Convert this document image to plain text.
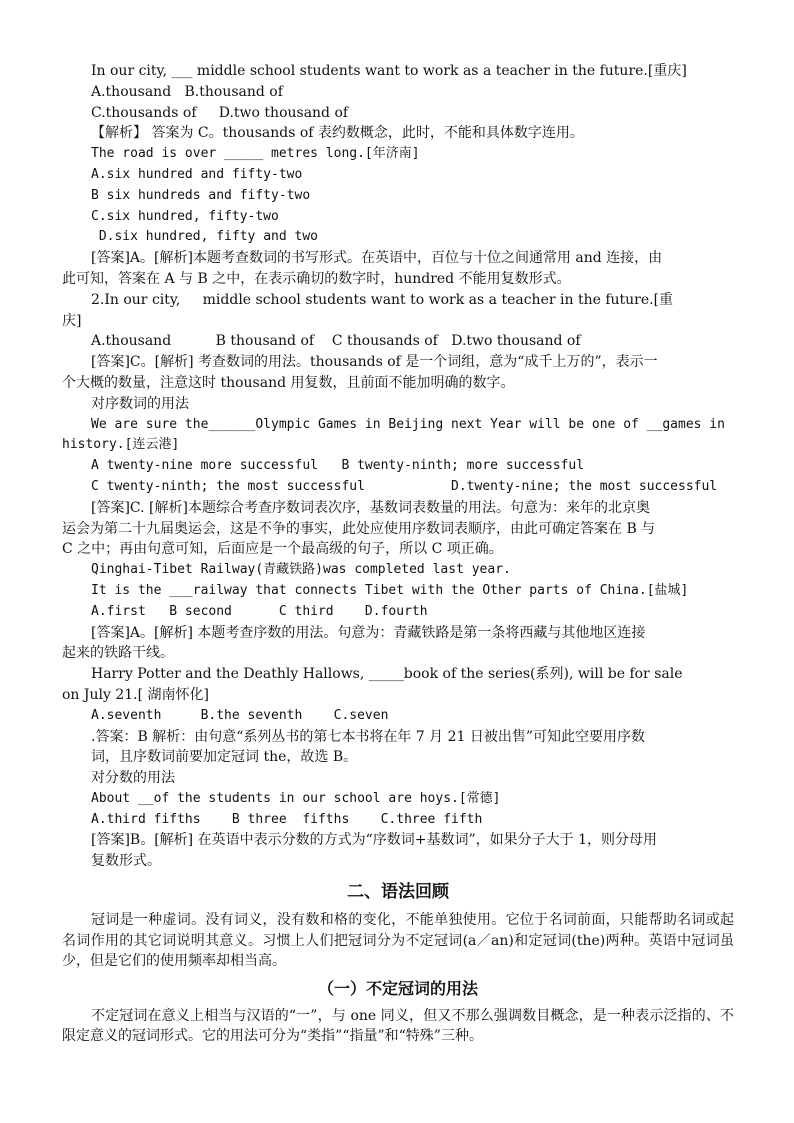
In our city, ___ middle school students want to work as a teacher in the future.[重庆]
A.thousand   B.thousand of
C.thousands of     D.two thousand of
【解析】 答案为 C。thousands of 表约数概念，此时，不能和具体数字连用。
The road is over _____ metres long.[年济南]
A.six hundred and fifty-two
B six hundreds and fifty-two
C.six hundred, fifty-two
D.six hundred, fifty and two
[答案]A。[解析]本题考查数词的书写形式。在英语中，百位与十位之间通常用 and 连接，由
此可知，答案在 A 与 B 之中，在表示确切的数字时，hundred 不能用复数形式。
2.In our city,     middle school students want to work as a teacher in the future.[重
庆]
A.thousand          B thousand of    C thousands of   D.two thousand of
[答案]C。[解析] 考查数词的用法。thousands of 是一个词组，意为“成千上万的”，表示一
个大概的数量，注意这时 thousand 用复数，且前面不能加明确的数字。
对序数词的用法
We are sure the______Olympic Games in Beijing next Year will be one of __games in
history.[连云港]
A twenty-nine more successful   B twenty-ninth; more successful
C twenty-ninth; the most successful           D.twenty-nine; the most successful
[答案]C. [解析]本题综合考查序数词表次序，基数词表数量的用法。句意为：来年的北京奥
运会为第二十九届奥运会，这是不争的事实，此处应使用序数词表顺序，由此可确定答案在 B 与
C 之中；再由句意可知，后面应是一个最高级的句子，所以 C 项正确。
Qinghai-Tibet Railway(青藏铁路)was completed last year.
It is the ___railway that connects Tibet with the Other parts of China.[盐城]
A.first   B second      C third    D.fourth
[答案]A。[解析] 本题考查序数的用法。句意为：青藏铁路是第一条将西藏与其他地区连接
起来的铁路干线。
Harry Potter and the Deathly Hallows, _____book of the series(系列), will be for sale
on July 21.[ 湖南怀化]
A.seventh     B.the seventh    C.seven
.答案：B 解析：由句意“系列丛书的第七本书将在年 7 月 21 日被出售”可知此空要用序数
词，且序数词前要加定冠词 the，故选 B。
对分数的用法
About __of the students in our school are hoys.[常德]
A.third fifths    B three  fifths    C.three fifth
[答案]B。[解析] 在英语中表示分数的方式为“序数词+基数词”，如果分子大于 1，则分母用
复数形式。
二、语法回顾
冠词是一种虚词。没有词义，没有数和格的变化，不能单独使用。它位于名词前面，只能帮助名词或起名词作用的其它词说明其意义。习惯上人们把冠词分为不定冠词(a／an)和定冠词(the)两种。英语中冠词虽少，但是它们的使用频率却相当高。
（一）不定冠词的用法
不定冠词在意义上相当与汉语的“一”，与 one 同义，但又不那么强调数目概念，是一种表示泛指的、不限定意义的冠词形式。它的用法可分为“类指”“指量”和“特殊”三种。
